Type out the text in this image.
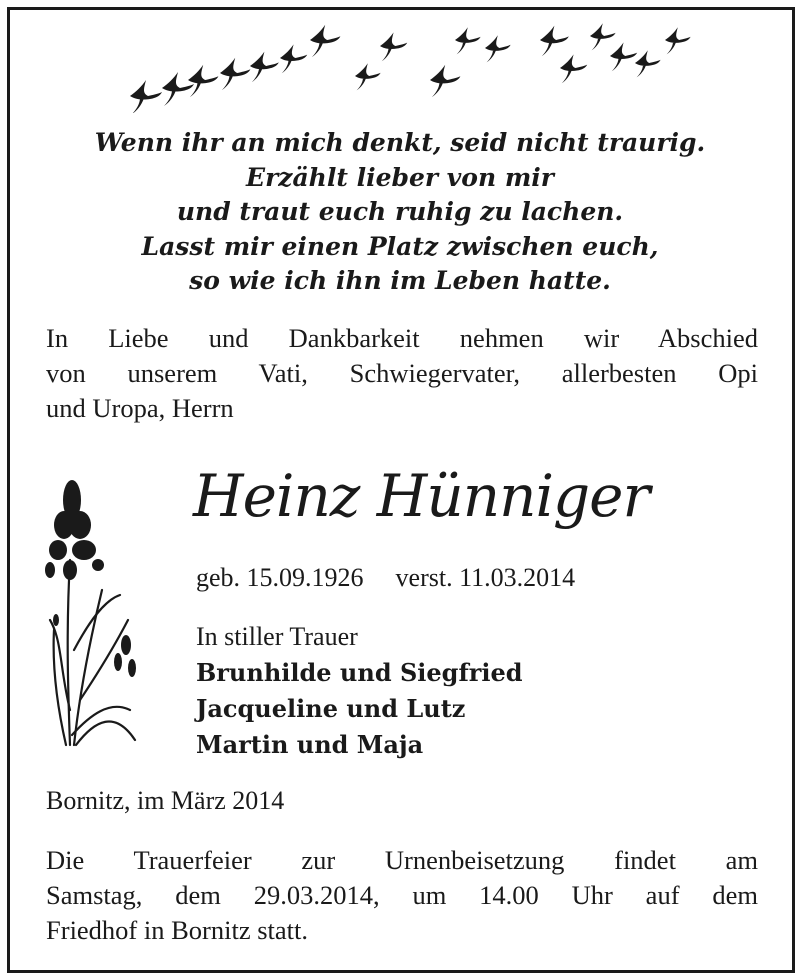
Wenn ihr an mich denkt, seid nicht traurig.
Erzählt lieber von mir
und traut euch ruhig zu lachen.
Lasst mir einen Platz zwischen euch,
so wie ich ihn im Leben hatte.
In Liebe und Dankbarkeit nehmen wir Abschied
von unserem Vati, Schwiegervater, allerbesten Opi
und Uropa, Herrn
Heinz Hünniger
geb. 15.09.1926 verst. 11.03.2014
In stiller Trauer
Brunhilde und Siegfried
Jacqueline und Lutz
Martin und Maja
Bornitz, im März 2014
Die Trauerfeier zur Urnenbeisetzung findet am
Samstag, dem 29.03.2014, um 14.00 Uhr auf dem
Friedhof in Bornitz statt.
